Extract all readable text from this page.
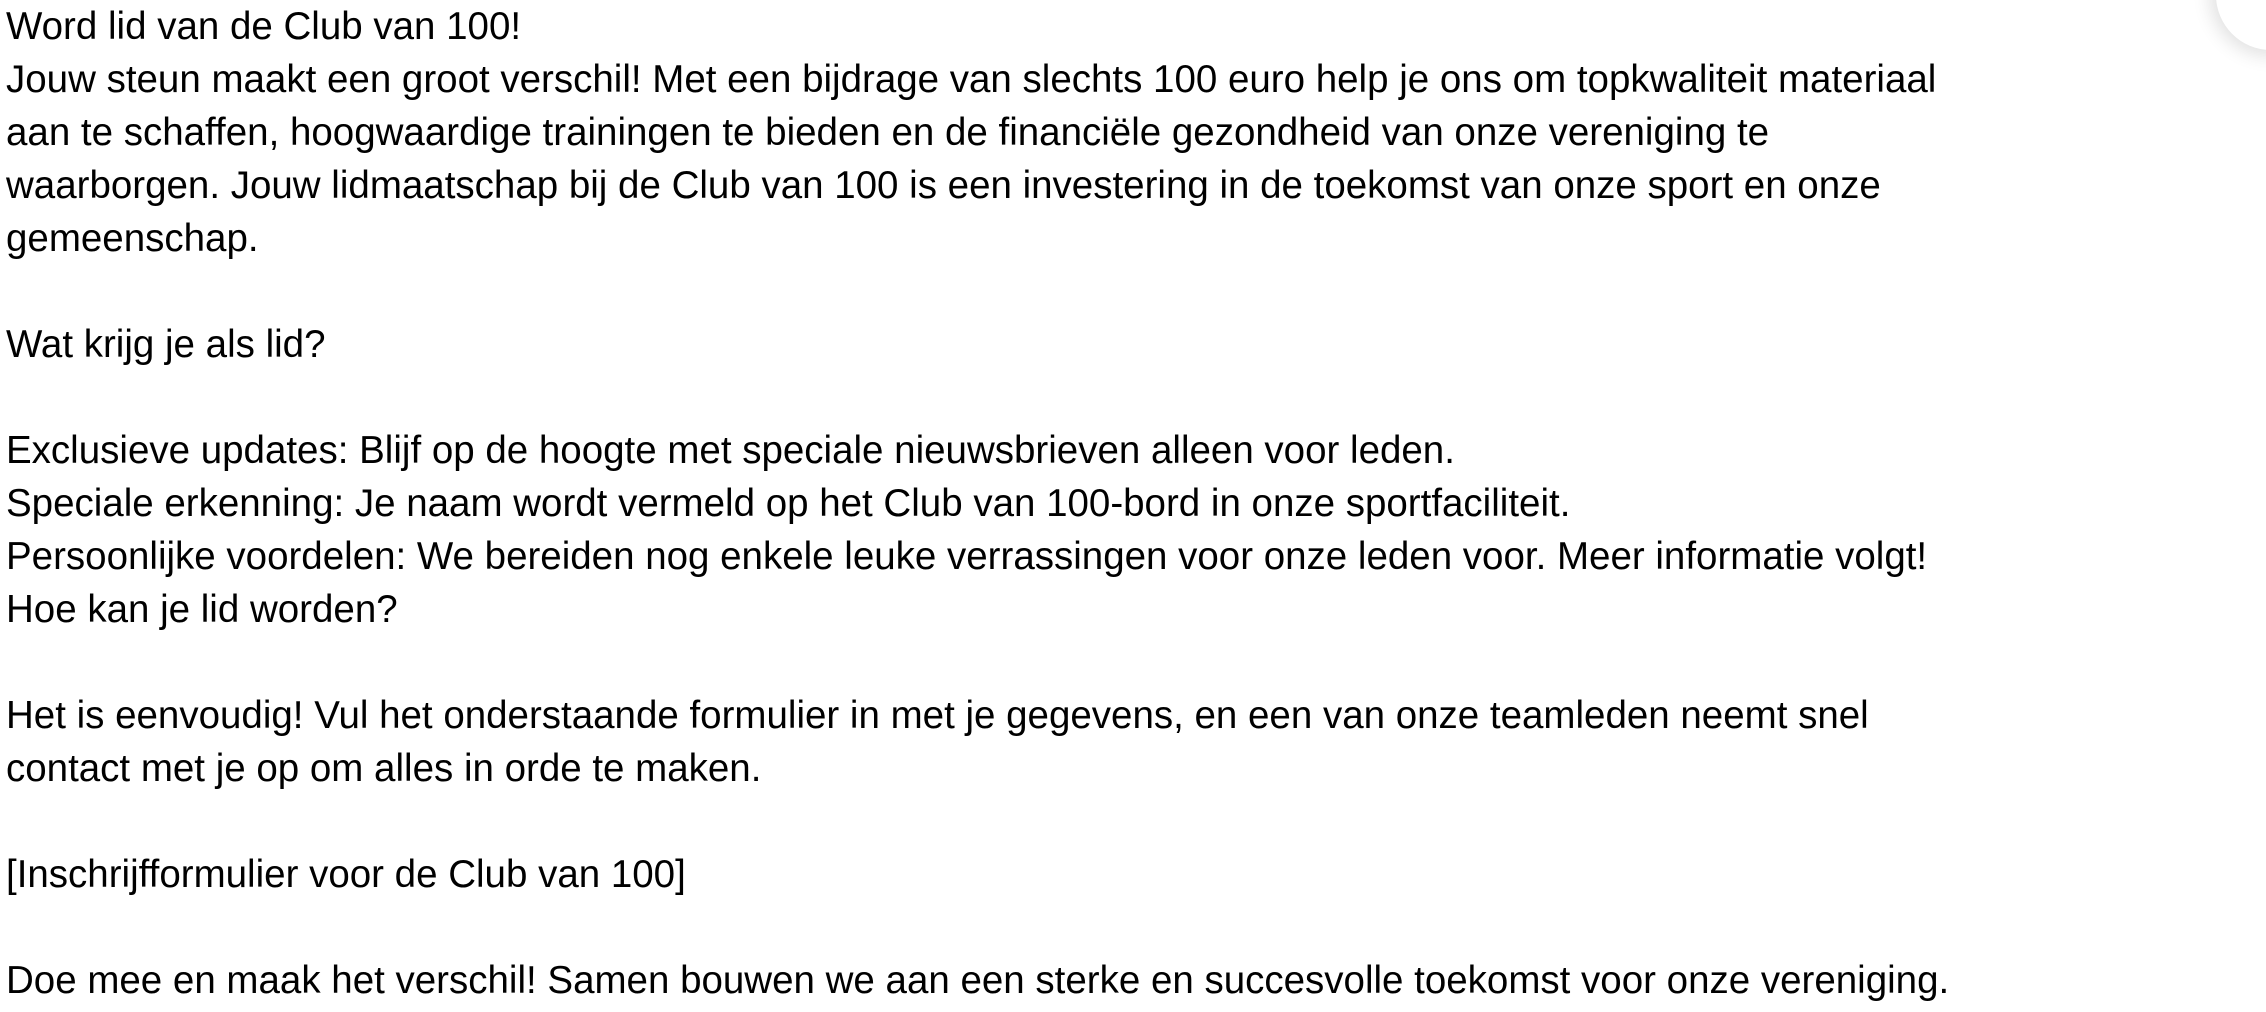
Word lid van de Club van 100!
Jouw steun maakt een groot verschil! Met een bijdrage van slechts 100 euro help je ons om topkwaliteit materiaal
aan te schaffen, hoogwaardige trainingen te bieden en de financiële gezondheid van onze vereniging te
waarborgen. Jouw lidmaatschap bij de Club van 100 is een investering in de toekomst van onze sport en onze
gemeenschap.
Wat krijg je als lid?
Exclusieve updates: Blijf op de hoogte met speciale nieuwsbrieven alleen voor leden.
Speciale erkenning: Je naam wordt vermeld op het Club van 100-bord in onze sportfaciliteit.
Persoonlijke voordelen: We bereiden nog enkele leuke verrassingen voor onze leden voor. Meer informatie volgt!
Hoe kan je lid worden?
Het is eenvoudig! Vul het onderstaande formulier in met je gegevens, en een van onze teamleden neemt snel
contact met je op om alles in orde te maken.
[Inschrijfformulier voor de Club van 100]
Doe mee en maak het verschil! Samen bouwen we aan een sterke en succesvolle toekomst voor onze vereniging.
